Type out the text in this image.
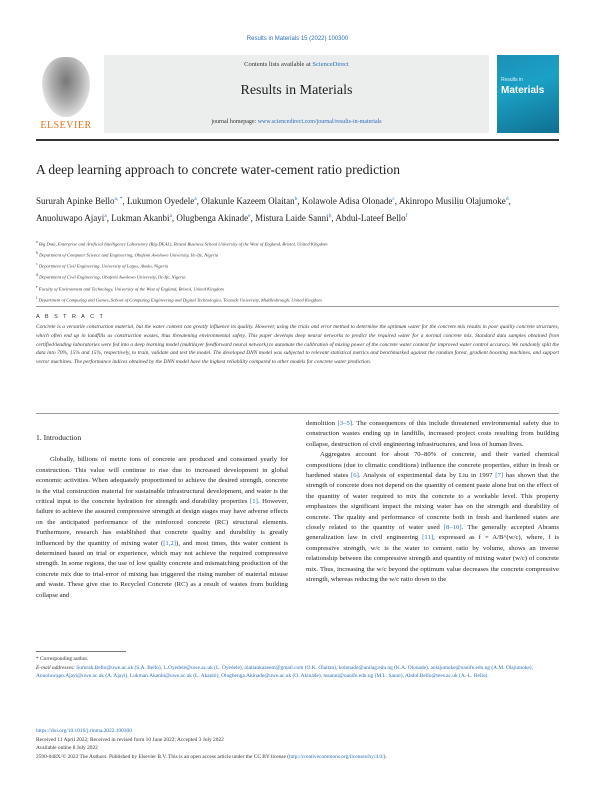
Results in Materials 15 (2022) 100300
ELSEVIER
Contents lists available at ScienceDirect
Results in Materials
journal homepage: www.sciencedirect.com/journal/results-in-materials
Results in
Materials
A deep learning approach to concrete water-cement ratio prediction
Sururah Apinke Bello$^{a, *}$, Lukumon Oyedele$^a$, Olakunle Kazeem Olaitan$^b$, Kolawole Adisa Olonade$^c$, Akinropo Musiliu Olajumoke$^d$, Anuoluwapo Ajayi$^a$, Lukman Akanbi$^a$, Olugbenga Akinade$^e$, Mistura Laide Sanni$^b$, Abdul-Lateef Bello$^f$
$^a$ Big Data, Enterprise and Artificial Intelligence Laboratory (Big-DEAL), Bristol Business School University of the West of England, Bristol, United Kingdom
$^b$ Department of Computer Science and Engineering, Obafemi Awolowo University, Ile-Ife, Nigeria
$^c$ Department of Civil Engineering, University of Lagos, Akoka, Nigeria
$^d$ Department of Civil Engineering, Obafemi Awolowo University, Ile-Ife, Nigeria
$^e$ Faculty of Environment and Technology, University of the West of England, Bristol, United Kingdom
$^f$ Department of Computing and Games, School of Computing Engineering and Digital Technologies, Teesside University, Middlesbrough, United Kingdom
A B S T R A C T
Concrete is a versatile construction material, but the water content can greatly influence its quality. However, using the trials and error method to determine the optimum water for the concrete mix results in poor quality concrete structures, which often end up in landfills as construction wastes, thus threatening environmental safety. This paper develops deep neural networks to predict the required water for a normal concrete mix. Standard data samples obtained from certified/leading laboratories were fed into a deep learning model (multilayer feedforward neural network) to automate the calibration of mixing power of the concrete water content for improved water control accuracy. We randomly split the data into 70%, 15% and 15%, respectively, to train, validate and test the model. The developed DNN model was subjected to relevant statistical metrics and benchmarked against the random forest, gradient boosting machines, and support vector machines. The performance indices obtained by the DNN model have the highest reliability compared to other models for concrete water prediction.
1. Introduction

Globally, billions of metric tons of concrete are produced and consumed yearly for construction. This value will continue to rise due to increased development in global economic activities. When adequately proportioned to achieve the desired strength, concrete is the vital construction material for sustainable infrastructural development, and water is the critical input to the concrete hydration for strength and durability properties [1]. However, failure to achieve the assured compressive strength at design stages may have adverse effects on the anticipated performance of the reinforced concrete (RC) structural elements. Furthermore, research has established that concrete quality and durability is greatly influenced by the quantity of mixing water ([1,2]), and most times, this water content is determined based on trial or experience, which may not achieve the required compressive strength. In some regions, the use of low quality concrete and mismatching production of the concrete mix due to trial-error of mixing has triggered the rising number of material misuse and waste. These give rise to Recycled Concrete (RC) as a result of wastes from building collapse and

demolition [3–5]. The consequences of this include threatened environmental safety due to construction wastes ending up in landfills, increased project costs resulting from building collapse, destruction of civil engineering infrastructures, and loss of human lives.

Aggregates account for about 70–80% of concrete, and their varied chemical compositions (due to climatic conditions) influence the concrete properties, either in fresh or hardened states [6]. Analysis of experimental data by Liu in 1997 [7] has shown that the strength of concrete does not depend on the quantity of cement paste alone but on the effect of the quantity of water required to mix the concrete to a workable level. This property emphasizes the significant impact the mixing water has on the strength and durability of concrete. The quality and performance of concrete both in fresh and hardened states are closely related to the quantity of water used [8–10]. The generally accepted Abrams generalization law in civil engineering [11], expressed as f = A/B^(w/c), where, f is compressive strength, w/c is the water to cement ratio by volume, shows an inverse relationship between the compressive strength and quantity of mixing water (w/c) of concrete mix. Thus, increasing the w/c beyond the optimum value decreases the concrete compressive strength, whereas reducing the w/c ratio down to the

* Corresponding author.
E-mail addresses: Sururah.Bello@uwe.ac.uk (S.A. Bello), L.Oyedele@uwe.ac.uk (L. Oyedele), olaitankazeem@gmail.com (O.K. Olaitan), kolonade@unilag.edu.ng (K.A. Olonade), aolajumoke@oauife.edu.ng (A.M. Olajumoke), Anuoluwapo.Ajayi@uwe.ac.uk (A. Ajayi), Lukman.Akanbi@uwe.ac.uk (L. Akanbi), Olugbenga.Akinade@uwe.ac.uk (O. Akinade), msanni@oauife.edu.ng (M.L. Sanni), Abdul.Bello@tees.ac.uk (A.-L. Bello).
https://doi.org/10.1016/j.rinma.2022.100300
Received 11 April 2022; Received in revised form 10 June 2022; Accepted 3 July 2022
Available online 8 July 2022
2590-048X/© 2022 The Authors. Published by Elsevier B.V. This is an open access article under the CC BY license (http://creativecommons.org/licenses/by/4.0/).
